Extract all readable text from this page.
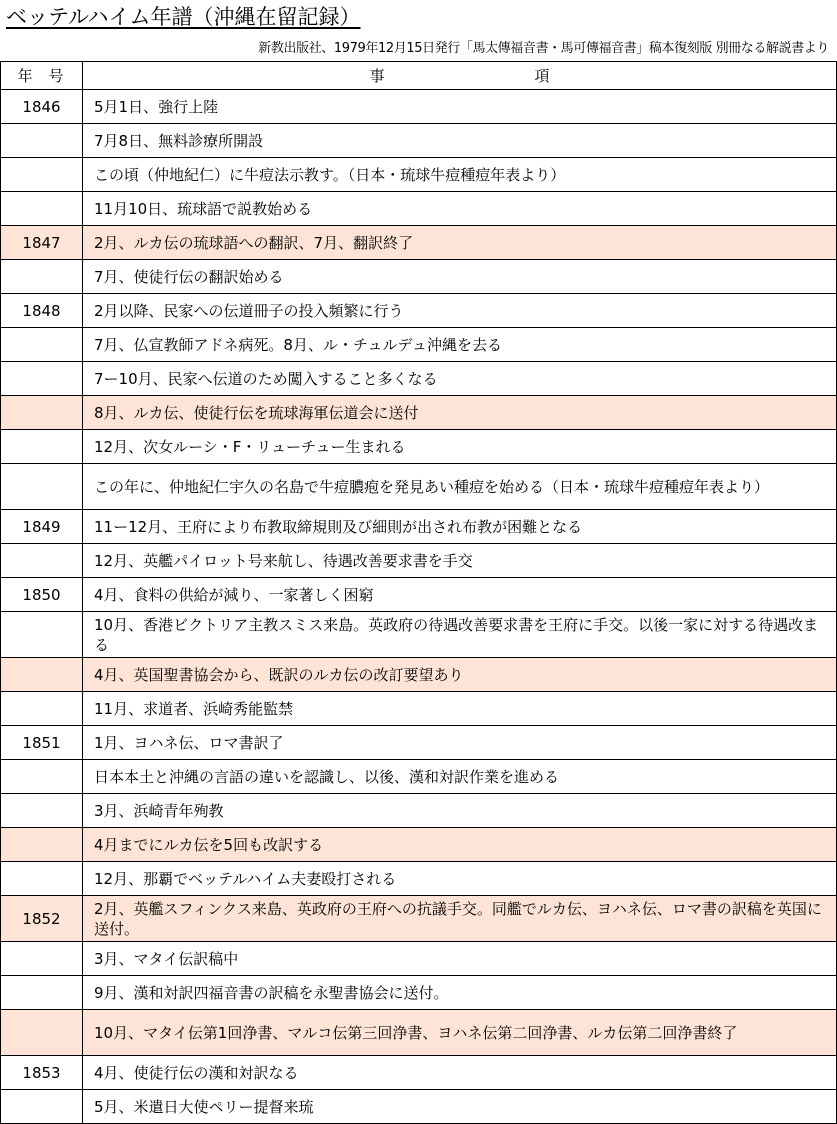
ベッテルハイム年譜（沖縄在留記録）
新教出版社、1979年12月15日発行「馬太傳福音書・馬可傳福音書」稿本復刻版 別冊なる解説書より
年 号	事 項
1846	5月1日、強行上陸
	7月8日、無料診療所開設
	この頃（仲地紀仁）に牛痘法示教す。（日本・琉球牛痘種痘年表より）
	11月10日、琉球語で説教始める
1847	2月、ルカ伝の琉球語への翻訳、7月、翻訳終了
	7月、使徒行伝の翻訳始める
1848	2月以降、民家への伝道冊子の投入頻繁に行う
	7月、仏宣教師アドネ病死。8月、ル・チュルデュ沖縄を去る
	7ー10月、民家へ伝道のため闖入すること多くなる
	8月、ルカ伝、使徒行伝を琉球海軍伝道会に送付
	12月、次女ルーシ・F・リューチュー生まれる
	この年に、仲地紀仁宇久の名島で牛痘膿疱を発見あい種痘を始める（日本・琉球牛痘種痘年表より）
1849	11ー12月、王府により布教取締規則及び細則が出され布教が困難となる
	12月、英艦パイロット号来航し、待遇改善要求書を手交
1850	4月、食料の供給が減り、一家著しく困窮
	10月、香港ビクトリア主教スミス来島。英政府の待遇改善要求書を王府に手交。以後一家に対する待遇改まる
	4月、英国聖書協会から、既訳のルカ伝の改訂要望あり
	11月、求道者、浜崎秀能監禁
1851	1月、ヨハネ伝、ロマ書訳了
	日本本土と沖縄の言語の違いを認識し、以後、漢和対訳作業を進める
	3月、浜崎青年殉教
	4月までにルカ伝を5回も改訳する
	12月、那覇でベッテルハイム夫妻殴打される
1852	2月、英艦スフィンクス来島、英政府の王府への抗議手交。同艦でルカ伝、ヨハネ伝、ロマ書の訳稿を英国に送付。
	3月、マタイ伝訳稿中
	9月、漢和対訳四福音書の訳稿を永聖書協会に送付。
	10月、マタイ伝第1回浄書、マルコ伝第三回浄書、ヨハネ伝第二回浄書、ルカ伝第二回浄書終了
1853	4月、使徒行伝の漢和対訳なる
	5月、米遣日大使ペリー提督来琉
